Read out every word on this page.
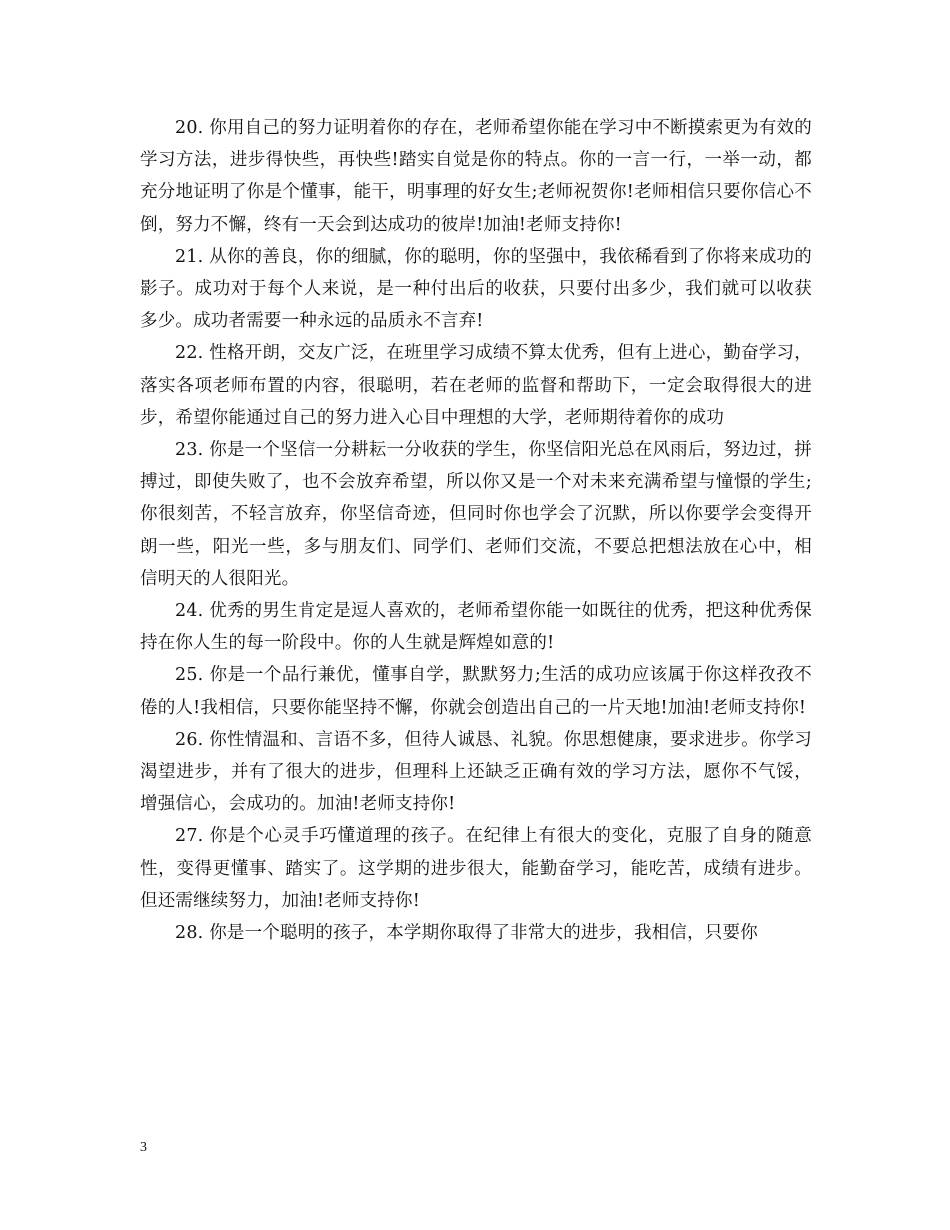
20. 你用自己的努力证明着你的存在，老师希望你能在学习中不断摸索更为有效的学习方法，进步得快些，再快些!踏实自觉是你的特点。你的一言一行，一举一动，都充分地证明了你是个懂事，能干，明事理的好女生;老师祝贺你!老师相信只要你信心不倒，努力不懈，终有一天会到达成功的彼岸!加油!老师支持你!

21. 从你的善良，你的细腻，你的聪明，你的坚强中，我依稀看到了你将来成功的影子。成功对于每个人来说，是一种付出后的收获，只要付出多少，我们就可以收获多少。成功者需要一种永远的品质永不言弃!

22. 性格开朗，交友广泛，在班里学习成绩不算太优秀，但有上进心，勤奋学习，落实各项老师布置的内容，很聪明，若在老师的监督和帮助下，一定会取得很大的进步，希望你能通过自己的努力进入心目中理想的大学，老师期待着你的成功

23. 你是一个坚信一分耕耘一分收获的学生，你坚信阳光总在风雨后，努边过，拼搏过，即使失败了，也不会放弃希望，所以你又是一个对未来充满希望与憧憬的学生;你很刻苦，不轻言放弃，你坚信奇迹，但同时你也学会了沉默，所以你要学会变得开朗一些，阳光一些，多与朋友们、同学们、老师们交流，不要总把想法放在心中，相信明天的人很阳光。

24. 优秀的男生肯定是逗人喜欢的，老师希望你能一如既往的优秀，把这种优秀保持在你人生的每一阶段中。你的人生就是辉煌如意的!

25. 你是一个品行兼优，懂事自学，默默努力;生活的成功应该属于你这样孜孜不倦的人!我相信，只要你能坚持不懈，你就会创造出自己的一片天地!加油!老师支持你!

26. 你性情温和、言语不多，但待人诚恳、礼貌。你思想健康，要求进步。你学习渴望进步，并有了很大的进步，但理科上还缺乏正确有效的学习方法，愿你不气馁，增强信心，会成功的。加油!老师支持你!

27. 你是个心灵手巧懂道理的孩子。在纪律上有很大的变化，克服了自身的随意性，变得更懂事、踏实了。这学期的进步很大，能勤奋学习，能吃苦，成绩有进步。但还需继续努力，加油!老师支持你!

28. 你是一个聪明的孩子，本学期你取得了非常大的进步，我相信，只要你

3
